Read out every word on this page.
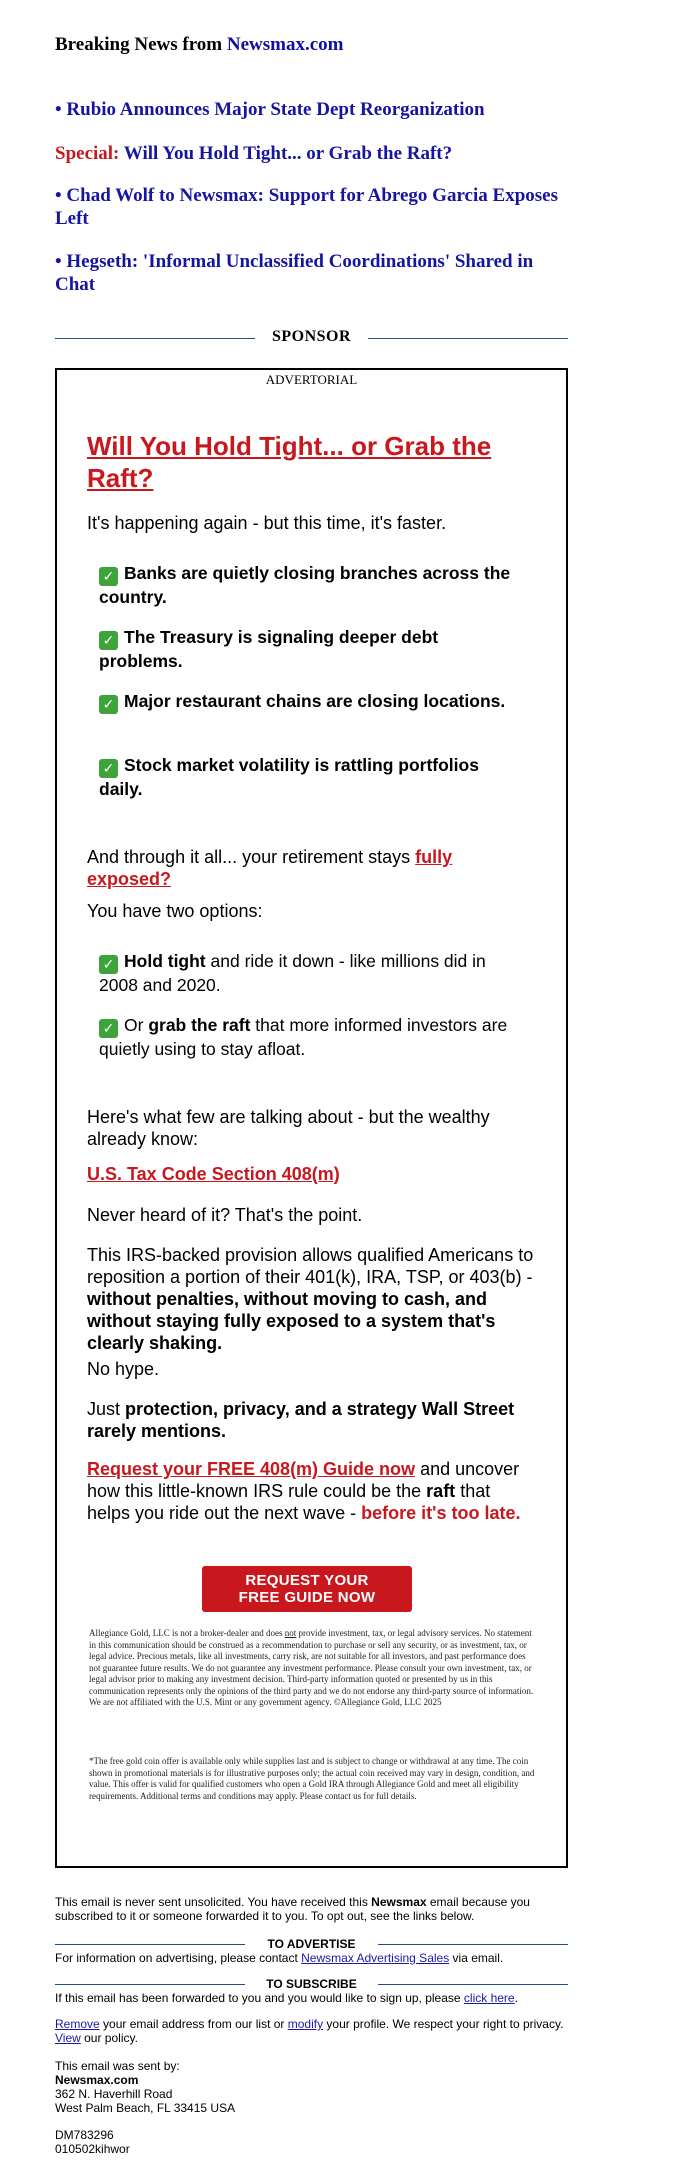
Breaking News from Newsmax.com
• Rubio Announces Major State Dept Reorganization
Special: Will You Hold Tight... or Grab the Raft?
• Chad Wolf to Newsmax: Support for Abrego Garcia Exposes Left
• Hegseth: 'Informal Unclassified Coordinations' Shared in Chat
SPONSOR
ADVERTORIAL
Will You Hold Tight... or Grab the Raft?
It's happening again - but this time, it's faster.
✓ Banks are quietly closing branches across the country.
✓ The Treasury is signaling deeper debt problems.
✓ Major restaurant chains are closing locations.
✓ Stock market volatility is rattling portfolios daily.
And through it all... your retirement stays fully exposed?
You have two options:
✓ Hold tight and ride it down - like millions did in 2008 and 2020.
✓ Or grab the raft that more informed investors are quietly using to stay afloat.
Here's what few are talking about - but the wealthy already know:
U.S. Tax Code Section 408(m)
Never heard of it? That's the point.
This IRS-backed provision allows qualified Americans to reposition a portion of their 401(k), IRA, TSP, or 403(b) - without penalties, without moving to cash, and without staying fully exposed to a system that's clearly shaking.
No hype.
Just protection, privacy, and a strategy Wall Street rarely mentions.
Request your FREE 408(m) Guide now and uncover how this little-known IRS rule could be the raft that helps you ride out the next wave - before it's too late.
REQUEST YOUR
FREE GUIDE NOW
Allegiance Gold, LLC is not a broker-dealer and does not provide investment, tax, or legal advisory services. No statement in this communication should be construed as a recommendation to purchase or sell any security, or as investment, tax, or legal advice. Precious metals, like all investments, carry risk, are not suitable for all investors, and past performance does not guarantee future results. We do not guarantee any investment performance. Please consult your own investment, tax, or legal advisor prior to making any investment decision. Third-party information quoted or presented by us in this communication represents only the opinions of the third party and we do not endorse any third-party source of information. We are not affiliated with the U.S. Mint or any government agency. ©Allegiance Gold, LLC 2025
*The free gold coin offer is available only while supplies last and is subject to change or withdrawal at any time. The coin shown in promotional materials is for illustrative purposes only; the actual coin received may vary in design, condition, and value. This offer is valid for qualified customers who open a Gold IRA through Allegiance Gold and meet all eligibility requirements. Additional terms and conditions may apply. Please contact us for full details.
This email is never sent unsolicited. You have received this Newsmax email because you subscribed to it or someone forwarded it to you. To opt out, see the links below.
TO ADVERTISE
For information on advertising, please contact Newsmax Advertising Sales via email.
TO SUBSCRIBE
If this email has been forwarded to you and you would like to sign up, please click here.
Remove your email address from our list or modify your profile. We respect your right to privacy. View our policy.
This email was sent by:
Newsmax.com
362 N. Haverhill Road
West Palm Beach, FL 33415 USA
DM783296
010502kihwor
